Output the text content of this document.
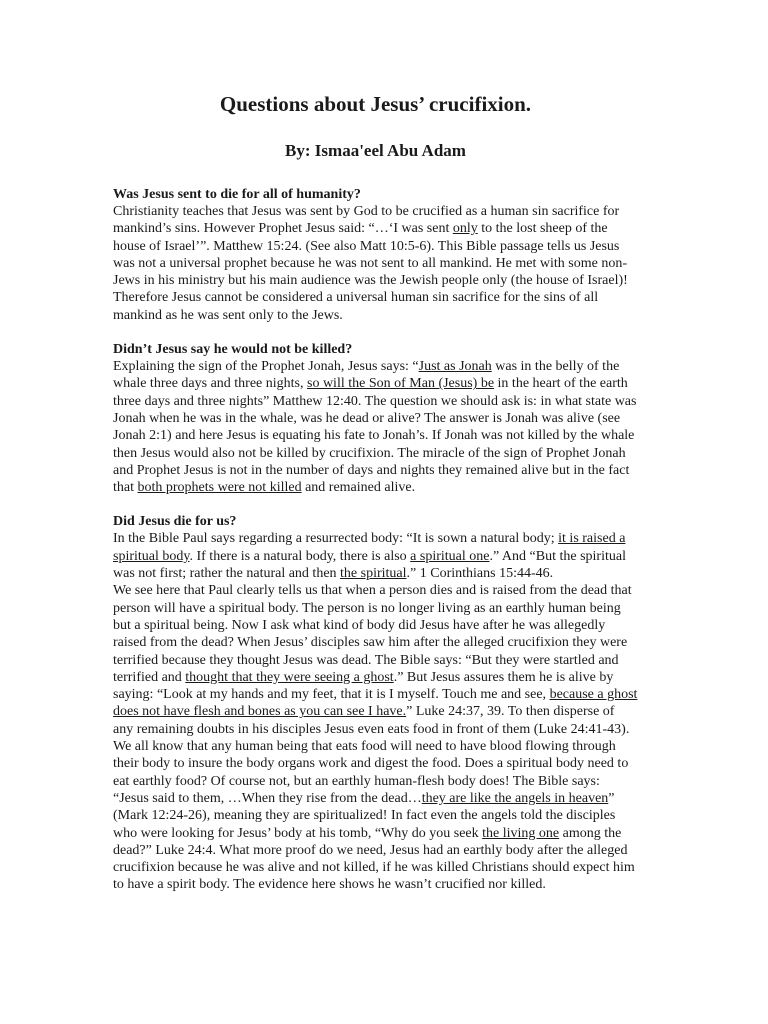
Questions about Jesus’ crucifixion.
By: Ismaa'eel Abu Adam
Was Jesus sent to die for all of humanity?

Christianity teaches that Jesus was sent by God to be crucified as a human sin sacrifice for mankind’s sins. However Prophet Jesus said: “…‘I was sent only to the lost sheep of the house of Israel’”. Matthew 15:24. (See also Matt 10:5-6). This Bible passage tells us Jesus was not a universal prophet because he was not sent to all mankind. He met with some non-Jews in his ministry but his main audience was the Jewish people only (the house of Israel)! Therefore Jesus cannot be considered a universal human sin sacrifice for the sins of all mankind as he was sent only to the Jews.

Didn’t Jesus say he would not be killed?

Explaining the sign of the Prophet Jonah, Jesus says: “Just as Jonah was in the belly of the whale three days and three nights, so will the Son of Man (Jesus) be in the heart of the earth three days and three nights” Matthew 12:40. The question we should ask is: in what state was Jonah when he was in the whale, was he dead or alive? The answer is Jonah was alive (see Jonah 2:1) and here Jesus is equating his fate to Jonah’s. If Jonah was not killed by the whale then Jesus would also not be killed by crucifixion. The miracle of the sign of Prophet Jonah and Prophet Jesus is not in the number of days and nights they remained alive but in the fact that both prophets were not killed and remained alive.

Did Jesus die for us?

In the Bible Paul says regarding a resurrected body: “It is sown a natural body; it is raised a spiritual body. If there is a natural body, there is also a spiritual one.” And “But the spiritual was not first; rather the natural and then the spiritual.” 1 Corinthians 15:44-46.

We see here that Paul clearly tells us that when a person dies and is raised from the dead that person will have a spiritual body. The person is no longer living as an earthly human being but a spiritual being. Now I ask what kind of body did Jesus have after he was allegedly raised from the dead? When Jesus’ disciples saw him after the alleged crucifixion they were terrified because they thought Jesus was dead. The Bible says: “But they were startled and terrified and thought that they were seeing a ghost.” But Jesus assures them he is alive by saying: “Look at my hands and my feet, that it is I myself. Touch me and see, because a ghost does not have flesh and bones as you can see I have.” Luke 24:37, 39. To then disperse of any remaining doubts in his disciples Jesus even eats food in front of them (Luke 24:41-43). We all know that any human being that eats food will need to have blood flowing through their body to insure the body organs work and digest the food. Does a spiritual body need to eat earthly food? Of course not, but an earthly human-flesh body does! The Bible says: “Jesus said to them, …When they rise from the dead…they are like the angels in heaven” (Mark 12:24-26), meaning they are spiritualized! In fact even the angels told the disciples who were looking for Jesus’ body at his tomb, “Why do you seek the living one among the dead?” Luke 24:4. What more proof do we need, Jesus had an earthly body after the alleged crucifixion because he was alive and not killed, if he was killed Christians should expect him to have a spirit body. The evidence here shows he wasn’t crucified nor killed.
